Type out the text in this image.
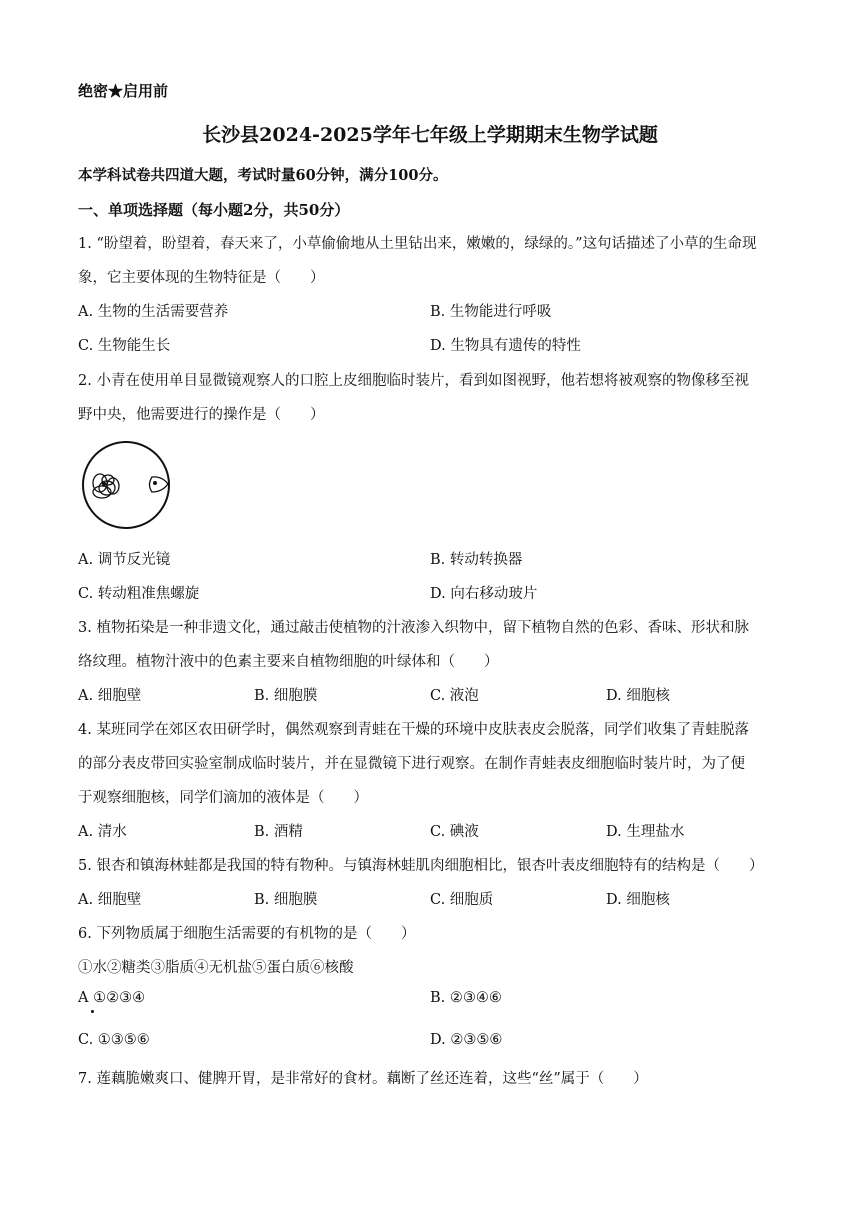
绝密★启用前
长沙县2024-2025学年七年级上学期期末生物学试题
本学科试卷共四道大题，考试时量60分钟，满分100分。
一、单项选择题（每小题2分，共50分）
1. “盼望着，盼望着，春天来了，小草偷偷地从土里钻出来，嫩嫩的，绿绿的。”这句话描述了小草的生命现
象，它主要体现的生物特征是（　　）
A. 生物的生活需要营养	B. 生物能进行呼吸
C. 生物能生长	D. 生物具有遗传的特性
2. 小青在使用单目显微镜观察人的口腔上皮细胞临时装片，看到如图视野，他若想将被观察的物像移至视
野中央，他需要进行的操作是（　　）
A. 调节反光镜	B. 转动转换器
C. 转动粗准焦螺旋	D. 向右移动玻片
3. 植物拓染是一种非遗文化，通过敲击使植物的汁液渗入织物中，留下植物自然的色彩、香味、形状和脉
络纹理。植物汁液中的色素主要来自植物细胞的叶绿体和（　　）
A. 细胞壁	B. 细胞膜	C. 液泡	D. 细胞核
4. 某班同学在郊区农田研学时，偶然观察到青蛙在干燥的环境中皮肤表皮会脱落，同学们收集了青蛙脱落
的部分表皮带回实验室制成临时装片，并在显微镜下进行观察。在制作青蛙表皮细胞临时装片时，为了便
于观察细胞核，同学们滴加的液体是（　　）
A. 清水	B. 酒精	C. 碘液	D. 生理盐水
5. 银杏和镇海林蛙都是我国的特有物种。与镇海林蛙肌肉细胞相比，银杏叶表皮细胞特有的结构是（　　）
A. 细胞壁	B. 细胞膜	C. 细胞质	D. 细胞核
6. 下列物质属于细胞生活需要的有机物的是（　　）
①水②糖类③脂质④无机盐⑤蛋白质⑥核酸
A ①②③④	B. ②③④⑥
C. ①③⑤⑥	D. ②③⑤⑥
7. 莲藕脆嫩爽口、健脾开胃，是非常好的食材。藕断了丝还连着，这些“丝”属于（　　）
